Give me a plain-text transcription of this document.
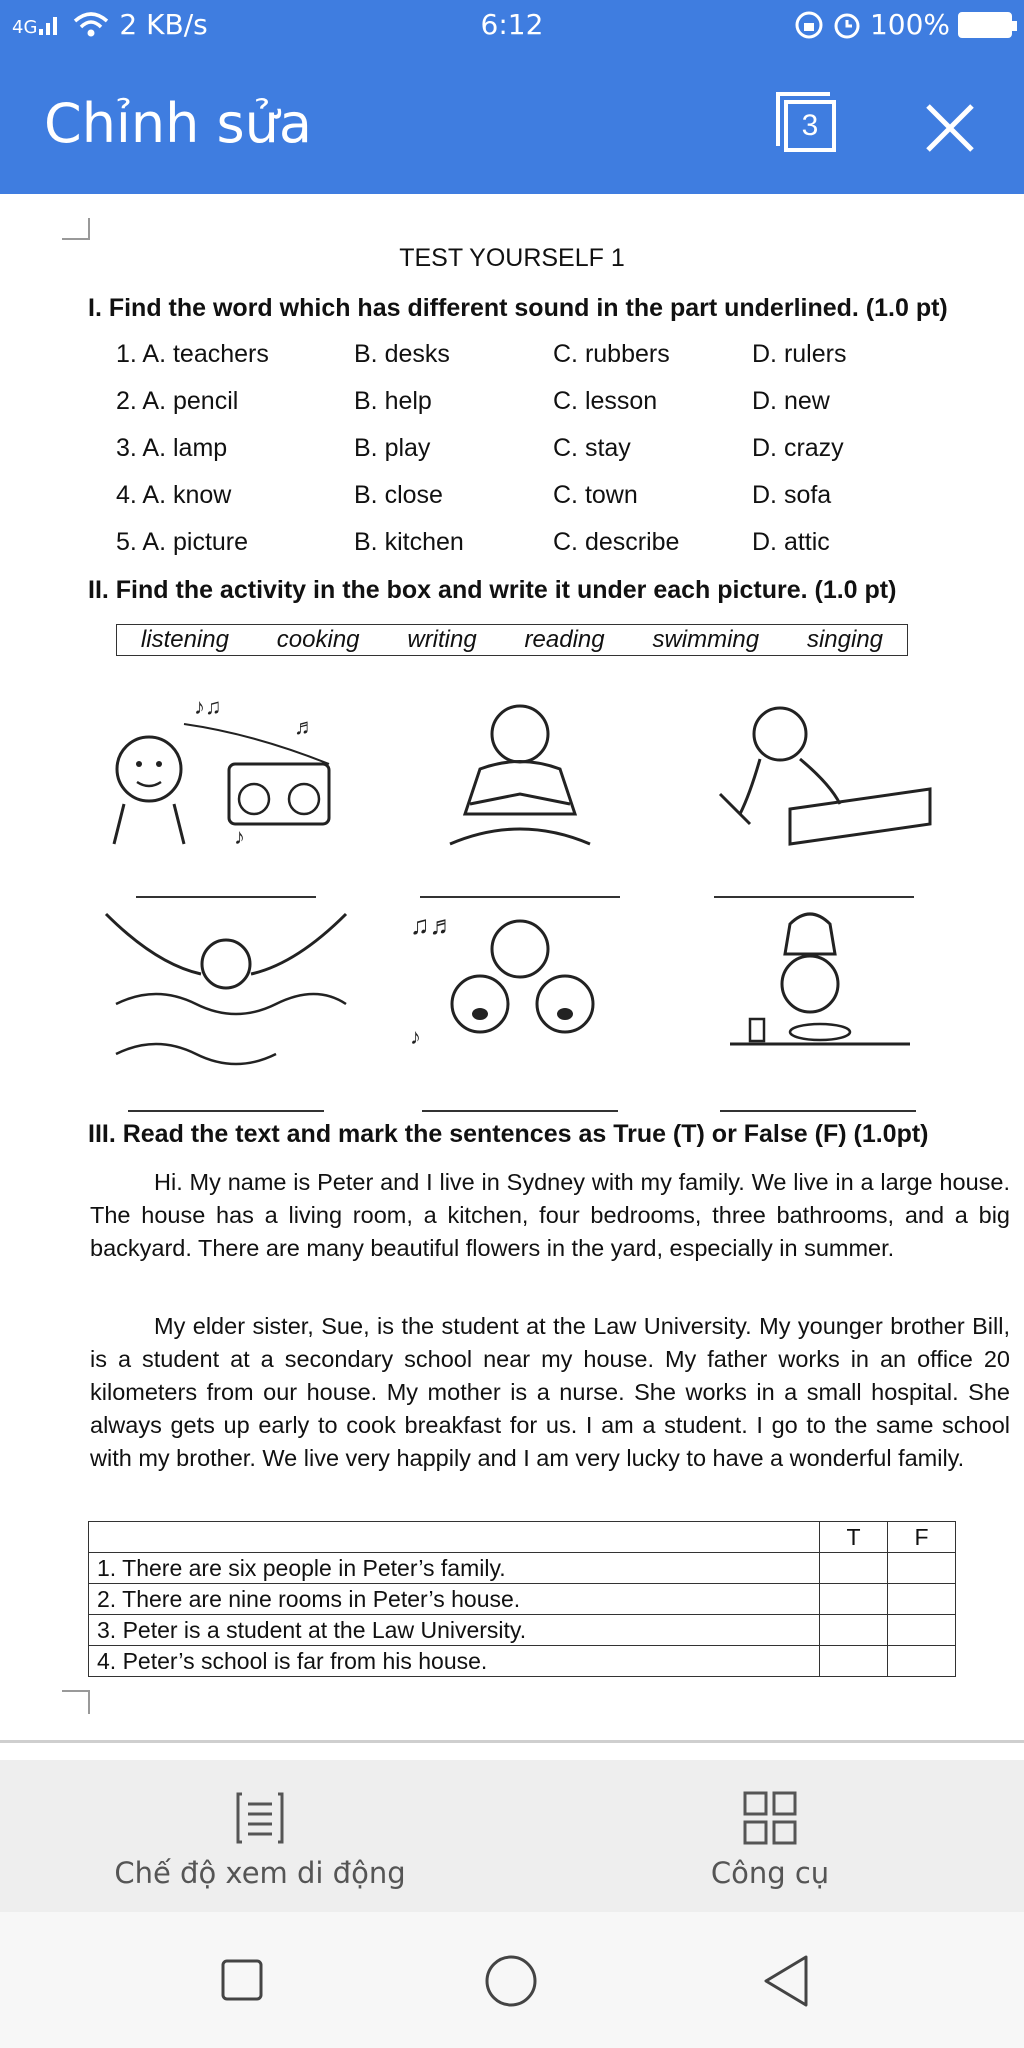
4G	2 KB/s	6:12	100%
Chỉnh sửa	3
TEST YOURSELF 1
I. Find the word which has different sound in the part underlined. (1.0 pt)
1. A. teachers	B. desks	C. rubbers	D. rulers
2. A. pencil	B. help	C. lesson	D. new
3. A. lamp	B. play	C. stay	D. crazy
4. A. know	B. close	C. town	D. sofa
5. A. picture	B. kitchen	C. describe	D. attic
II. Find the activity in the box and write it under each picture. (1.0 pt)
listening cooking writing reading swimming singing
♪♫
♬
♪
♫♬
♪
III. Read the text and mark the sentences as True (T) or False (F) (1.0pt)
Hi. My name is Peter and I live in Sydney with my family. We live in a large house. The house has a living room, a kitchen, four bedrooms, three bathrooms, and a big backyard. There are many beautiful flowers in the yard, especially in summer.
My elder sister, Sue, is the student at the Law University. My younger brother Bill, is a student at a secondary school near my house. My father works in an office 20 kilometers from our house. My mother is a nurse. She works in a small hospital. She always gets up early to cook breakfast for us. I am a student. I go to the same school with my brother. We live very happily and I am very lucky to have a wonderful family.
	T	F
1. There are six people in Peter’s family.		
2. There are nine rooms in Peter’s house.		
3. Peter is a student at the Law University.		
4. Peter’s school is far from his house.		
Chế độ xem di động	Công cụ
